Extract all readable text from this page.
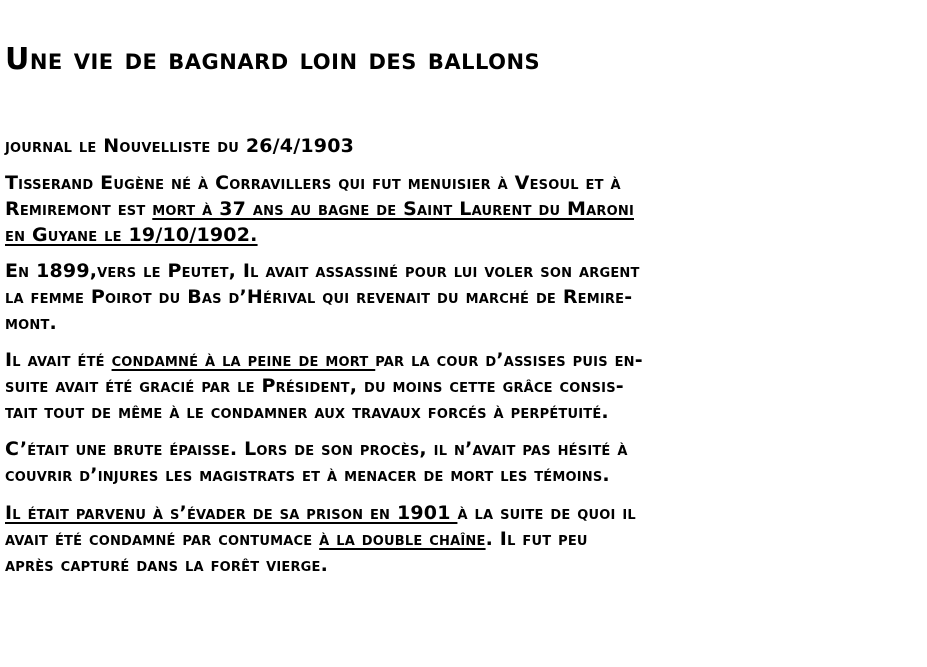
Une vie de bagnard loin des ballons

journal le Nouvelliste du 26/4/1903

Tisserand Eugène né à Corravillers qui fut menuisier à Vesoul et à
Remiremont est mort à 37 ans au bagne de Saint Laurent du Maroni
en Guyane le 19/10/1902.

En 1899,vers le Peutet, Il avait assassiné pour lui voler son argent
la femme Poirot du Bas d’Hérival qui revenait du marché de Remire-
mont.

Il avait été condamné à la peine de mort par la cour d’assises puis en-
suite avait été gracié par le Président, du moins cette grâce consis-
tait tout de même à le condamner aux travaux forcés à perpétuité.

C’était une brute épaisse. Lors de son procès, il n’avait pas hésité à
couvrir d’injures les magistrats et à menacer de mort les témoins.

Il était parvenu à s’évader de sa prison en 1901 à la suite de quoi il
avait été condamné par contumace à la double chaîne. Il fut peu
après capturé dans la forêt vierge.
